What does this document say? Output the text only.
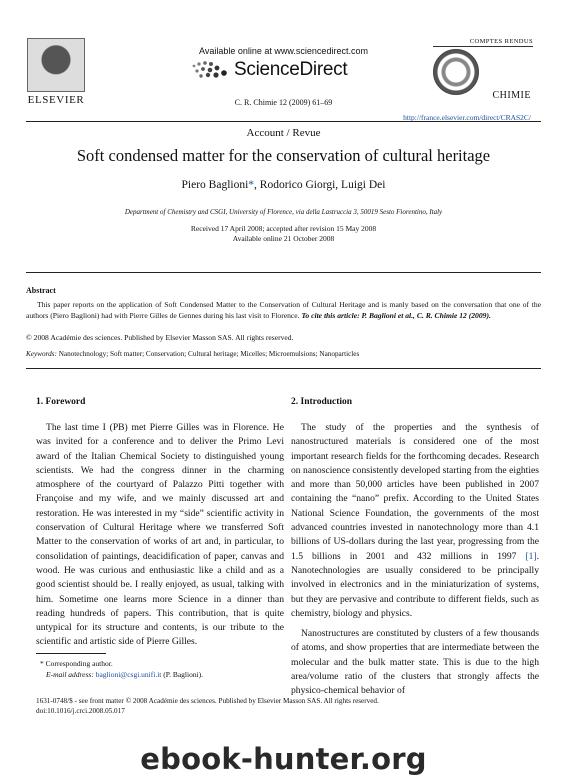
ELSEVIER
Available online at www.sciencedirect.com
ScienceDirect
C. R. Chimie 12 (2009) 61–69
COMPTES RENDUS
CHIMIE
http://france.elsevier.com/direct/CRAS2C/
Account / Revue
Soft condensed matter for the conservation of cultural heritage
Piero Baglioni*, Rodorico Giorgi, Luigi Dei
Department of Chemistry and CSGI, University of Florence, via della Lastruccia 3, 50019 Sesto Fiorentino, Italy
Received 17 April 2008; accepted after revision 15 May 2008
Available online 21 October 2008
Abstract
This paper reports on the application of Soft Condensed Matter to the Conservation of Cultural Heritage and is manly based on the conversation that one of the authors (Piero Baglioni) had with Pierre Gilles de Gennes during his last visit to Florence. To cite this article: P. Baglioni et al., C. R. Chimie 12 (2009).
© 2008 Académie des sciences. Published by Elsevier Masson SAS. All rights reserved.
Keywords: Nanotechnology; Soft matter; Conservation; Cultural heritage; Micelles; Microemulsions; Nanoparticles
1. Foreword	2. Introduction

The last time I (PB) met Pierre Gilles was in Florence. He was invited for a conference and to deliver the Primo Levi award of the Italian Chemical Society to distinguished young scientists. We had the congress dinner in the charming atmosphere of the courtyard of Palazzo Pitti together with Françoise and my wife, and we mainly discussed art and restoration. He was interested in my “side” scientific activity in conservation of Cultural Heritage where we transferred Soft Matter to the conservation of works of art and, in particular, to consolidation of paintings, deacidification of paper, canvas and wood. He was curious and enthusiastic like a child and as a good scientist should be. I really enjoyed, as usual, talking with him. Sometime one learns more Science in a dinner than reading hundreds of papers. This contribution, that is quite untypical for its structure and contents, is our tribute to the scientific and artistic side of Pierre Gilles.

The study of the properties and the synthesis of nanostructured materials is considered one of the most important research fields for the forthcoming decades. Research on nanoscience consistently developed starting from the eighties and more than 50,000 articles have been published in 2007 containing the “nano” prefix. According to the United States National Science Foundation, the governments of the most advanced countries invested in nanotechnology more than 4.1 billions of US-dollars during the last year, progressing from the 1.5 billions in 2001 and 432 millions in 1997 [1]. Nanotechnologies are usually considered to be principally involved in electronics and in the miniaturization of systems, but they are pervasive and contribute to different fields, such as chemistry, biology and physics.

Nanostructures are constituted by clusters of a few thousands of atoms, and show properties that are intermediate between the molecular and the bulk matter state. This is due to the high area/volume ratio of the clusters that strongly affects the physico-chemical behavior of

* Corresponding author.
E-mail address: baglioni@csgi.unifi.it (P. Baglioni).
1631-0748/$ - see front matter © 2008 Académie des sciences. Published by Elsevier Masson SAS. All rights reserved.
doi:10.1016/j.crci.2008.05.017
ebook-hunter.org
